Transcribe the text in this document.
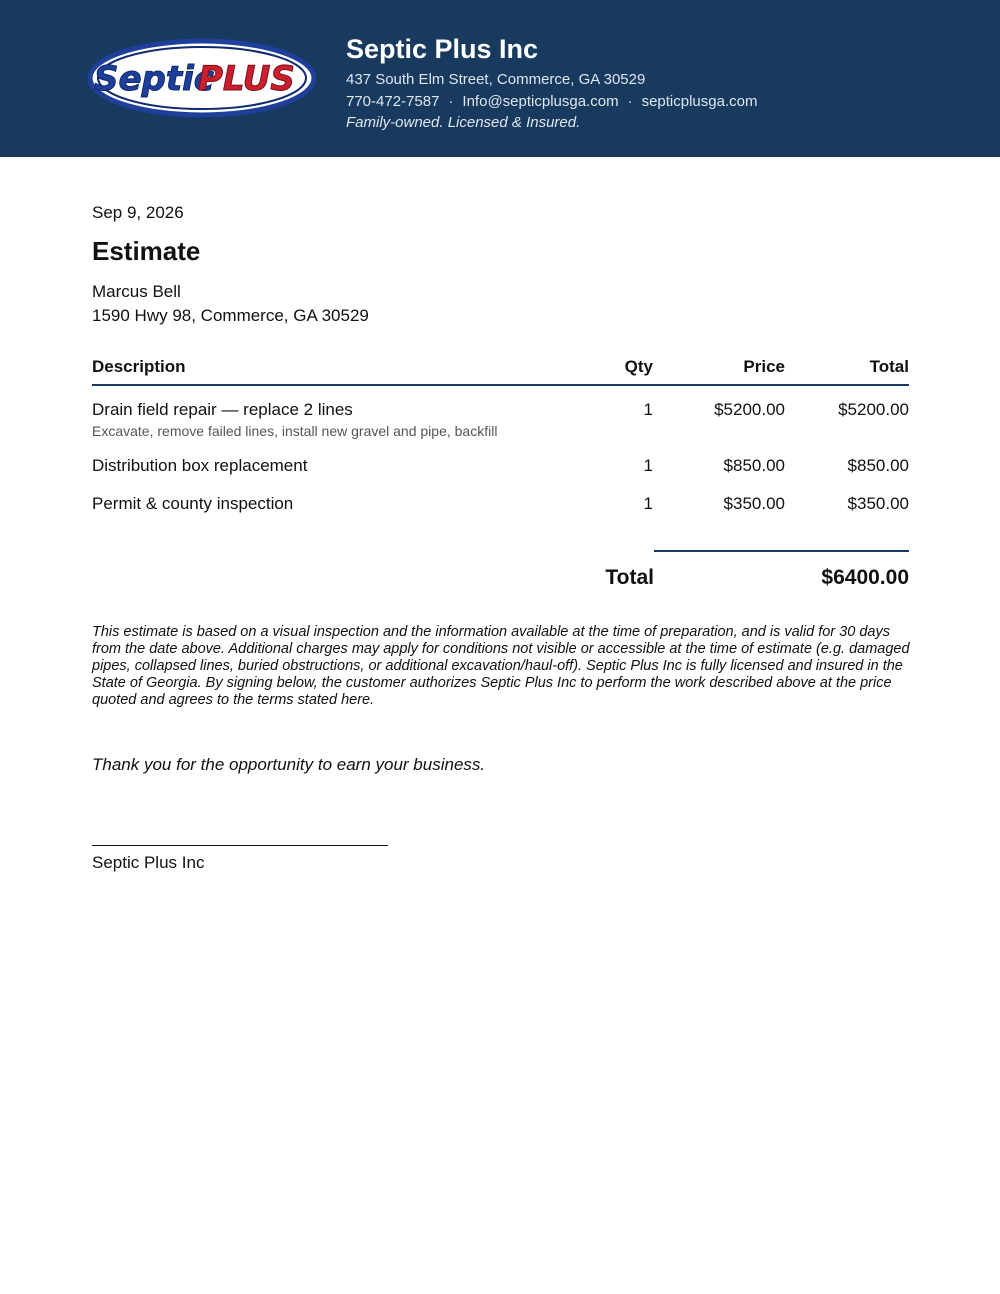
Septic
PLUS
Septic Plus Inc
437 South Elm Street, Commerce, GA 30529
770-472-7587 · Info@septicplusga.com · septicplusga.com
Family-owned. Licensed & Insured.
Sep 9, 2026
Estimate
Marcus Bell
1590 Hwy 98, Commerce, GA 30529
Description	Qty	Price	Total
Drain field repair — replace 2 lines	1	$5200.00	$5200.00
Excavate, remove failed lines, install new gravel and pipe, backfill
Distribution box replacement	1	$850.00	$850.00
Permit & county inspection	1	$350.00	$350.00
Total	$6400.00

This estimate is based on a visual inspection and the information available at the time of preparation, and is valid for 30 days from the date above. Additional charges may apply for conditions not visible or accessible at the time of estimate (e.g. damaged pipes, collapsed lines, buried obstructions, or additional excavation/haul-off). Septic Plus Inc is fully licensed and insured in the State of Georgia. By signing below, the customer authorizes Septic Plus Inc to perform the work described above at the price quoted and agrees to the terms stated here.

Thank you for the opportunity to earn your business.
Septic Plus Inc
